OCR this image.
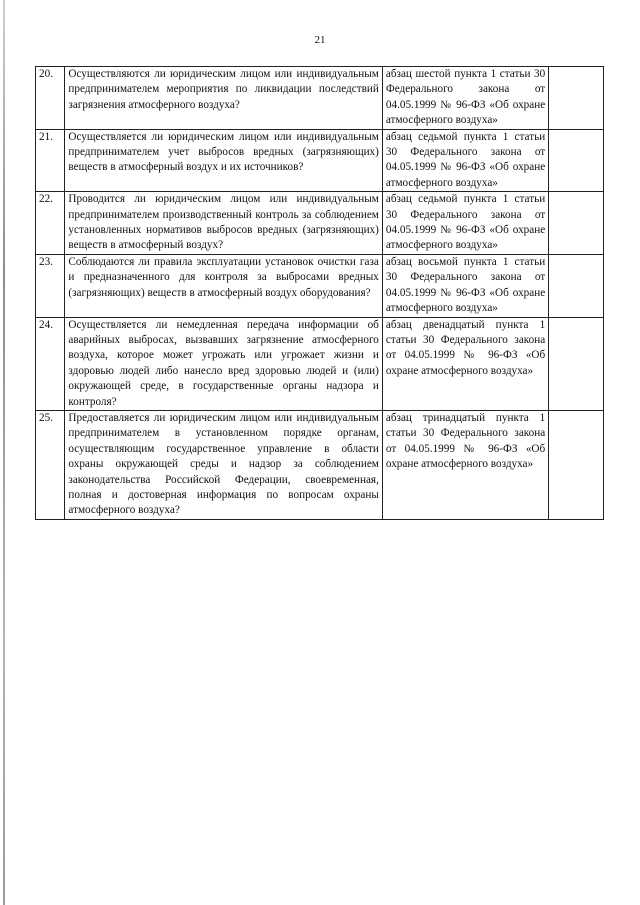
21
20.	Осуществляются ли юридическим лицом или индивидуальным предпринимателем мероприятия по ликвидации последствий загрязнения атмосферного воздуха?	абзац шестой пункта 1 статьи 30 Федерального закона от 04.05.1999 № 96-ФЗ «Об охране атмосферного воздуха»	

21.	Осуществляется ли юридическим лицом или индивидуальным предпринимателем учет выбросов вредных (загрязняющих) веществ в атмосферный воздух и их источников?	абзац седьмой пункта 1 статьи 30 Федерального закона от 04.05.1999 № 96-ФЗ «Об охране атмосферного воздуха»	

22.	Проводится ли юридическим лицом или индивидуальным предпринимателем производственный контроль за соблюдением установленных нормативов выбросов вредных (загрязняющих) веществ в атмосферный воздух?	абзац седьмой пункта 1 статьи 30 Федерального закона от 04.05.1999 № 96-ФЗ «Об охране атмосферного воздуха»	

23.	Соблюдаются ли правила эксплуатации установок очистки газа и предназначенного для контроля за выбросами вредных (загрязняющих) веществ в атмосферный воздух оборудования?	абзац восьмой пункта 1 статьи 30 Федерального закона от 04.05.1999 № 96-ФЗ «Об охране атмосферного воздуха»	

24.	Осуществляется ли немедленная передача информации об аварийных выбросах, вызвавших загрязнение атмосферного воздуха, которое может угрожать или угрожает жизни и здоровью людей либо нанесло вред здоровью людей и (или) окружающей среде, в государственные органы надзора и контроля?	абзац двенадцатый пункта 1 статьи 30 Федерального закона от 04.05.1999 № 96-ФЗ «Об охране атмосферного воздуха»	

25.	Предоставляется ли юридическим лицом или индивидуальным предпринимателем в установленном порядке органам, осуществляющим государственное управление в области охраны окружающей среды и надзор за соблюдением законодательства Российской Федерации, своевременная, полная и достоверная информация по вопросам охраны атмосферного воздуха?	абзац тринадцатый пункта 1 статьи 30 Федерального закона от 04.05.1999 № 96-ФЗ «Об охране атмосферного воздуха»	
